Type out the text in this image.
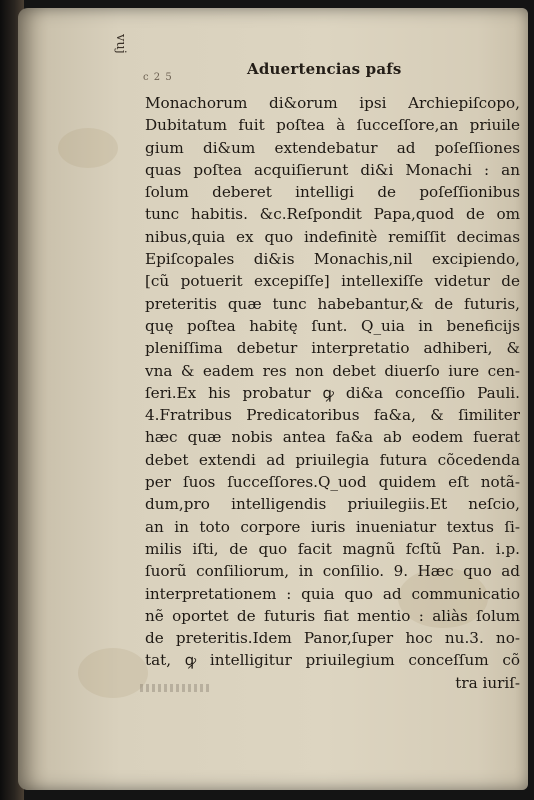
vuj
c 2 5	Aduertencias pafs
Monachorum di&orum ipsi Archiepiſcopo,
Dubitatum fuit poſtea à ſucceſſore,an priuile
gium di&um extendebatur ad poſeſſiones
quas poſtea acquiſierunt di&i Monachi : an
ſolum deberet intelligi de poſeſſionibus
tunc habitis. &c.Reſpondit Papa,quod de om
nibus,quia ex quo indefinitè remiſſit decimas
Epiſcopales di&is Monachis,nil excipiendo,
[cũ potuerit excepiſſe] intellexiſſe videtur de
preteritis quæ tunc habebantur,& de futuris,
quę poſtea habitę ſunt. Q_uia in beneficijs
pleniſſima debetur interpretatio adhiberi, &
vna & eadem res non debet diuerſo iure cen-
ſeri.Ex his probatur ꝙ di&a conceſſio Pauli.
4.Fratribus Predicatoribus fa&a, & ſimiliter
hæc quæ nobis antea fa&a ab eodem fuerat
debet extendi ad priuilegia futura cõcedenda
per ſuos ſucceſſores.Q_uod quidem eſt notã-
dum,pro intelligendis priuilegiis.Et neſcio,
an in toto corpore iuris inueniatur textus ſi-
milis iſti, de quo facit magnũ fcſtũ Pan. i.p.
ſuorũ conſiliorum, in conſilio. 9. Hæc quo ad
interpretationem : quia quo ad communicatio
nẽ oportet de futuris fiat mentio : aliàs ſolum
de preteritis.Idem Panor,ſuper hoc nu.3. no-
tat, ꝙ intelligitur priuilegium conceſſum cõ
tra iuriſ-
